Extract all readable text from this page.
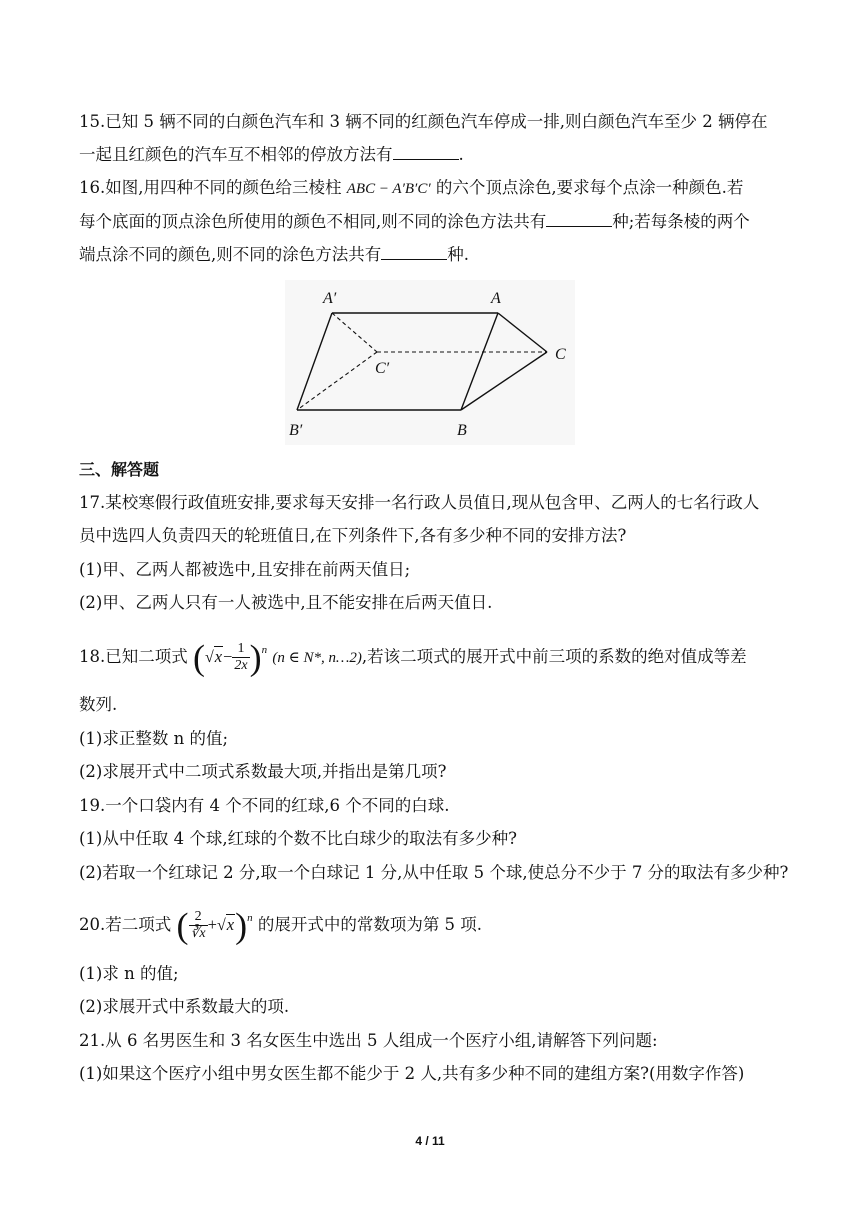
15.已知 5 辆不同的白颜色汽车和 3 辆不同的红颜色汽车停成一排,则白颜色汽车至少 2 辆停在
一起且红颜色的汽车互不相邻的停放方法有	.
16.如图,用四种不同的颜色给三棱柱 ABC − A′B′C′ 的六个顶点涂色,要求每个点涂一种颜色.若
每个底面的顶点涂色所使用的颜色不相同,则不同的涂色方法共有	种;若每条棱的两个
端点涂不同的颜色,则不同的涂色方法共有	种.
A′	A
C
C′
B′	B
三、解答题
17.某校寒假行政值班安排,要求每天安排一名行政人员值日,现从包含甲、乙两人的七名行政人
员中选四人负责四天的轮班值日,在下列条件下,各有多少种不同的安排方法?
(1)甲、乙两人都被选中,且安排在前两天值日;
(2)甲、乙两人只有一人被选中,且不能安排在后两天值日.
18.已知二项式 $(√x- \frac{1}{2x} )^n$ (n ∈ N*, n…2),若该二项式的展开式中前三项的系数的绝对值成等差
数列.
(1)求正整数 n 的值;
(2)求展开式中二项式系数最大项,并指出是第几项?
19.一个口袋内有 4 个不同的红球,6 个不同的白球.
(1)从中任取 4 个球,红球的个数不比白球少的取法有多少种?
(2)若取一个红球记 2 分,取一个白球记 1 分,从中任取 5 个球,使总分不少于 7 分的取法有多少种?
20.若二项式 ( $\frac{2}{∛x} +√x)^n$ 的展开式中的常数项为第 5 项.
(1)求 n 的值;
(2)求展开式中系数最大的项.
21.从 6 名男医生和 3 名女医生中选出 5 人组成一个医疗小组,请解答下列问题:
(1)如果这个医疗小组中男女医生都不能少于 2 人,共有多少种不同的建组方案?(用数字作答)
4 / 11
